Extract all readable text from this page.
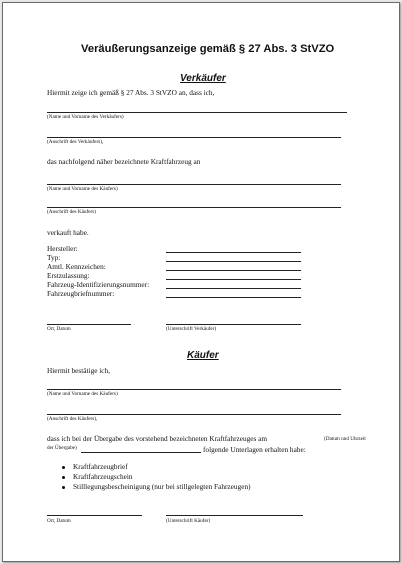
Veräußerungsanzeige gemäß § 27 Abs. 3 StVZO
Verkäufer
Hiermit zeige ich gemäß § 27 Abs. 3 StVZO an, dass ich,
(Name und Vorname des Verkäufers)
(Anschrift des Verkäufers),
das nachfolgend näher bezeichnete Kraftfahrzeug an
(Name und Vorname des Käufers)
(Anschrift des Käufers)
verkauft habe.
Hersteller:
Typ:
Amtl. Kennzeichen:
Erstzulassung:
Fahrzeug-Identifizierungsnummer:
Fahrzeugbriefnummer:
Ort, Datum	(Unterschrift Verkäufer)
Käufer
Hiermit bestätige ich,
(Name und Vorname des Käufers)
(Anschrift des Käufers),
dass ich bei der Übergabe des vorstehend bezeichneten Kraftfahrzeuges am	(Datum und Uhrzeit
der Übergabe)	folgende Unterlagen erhalten habe:
Kraftfahrzeugbrief
Kraftfahrzeugschein
Stilllegungsbescheinigung (nur bei stillgelegten Fahrzeugen)
Ort, Datum	(Unterschrift Käufer)
